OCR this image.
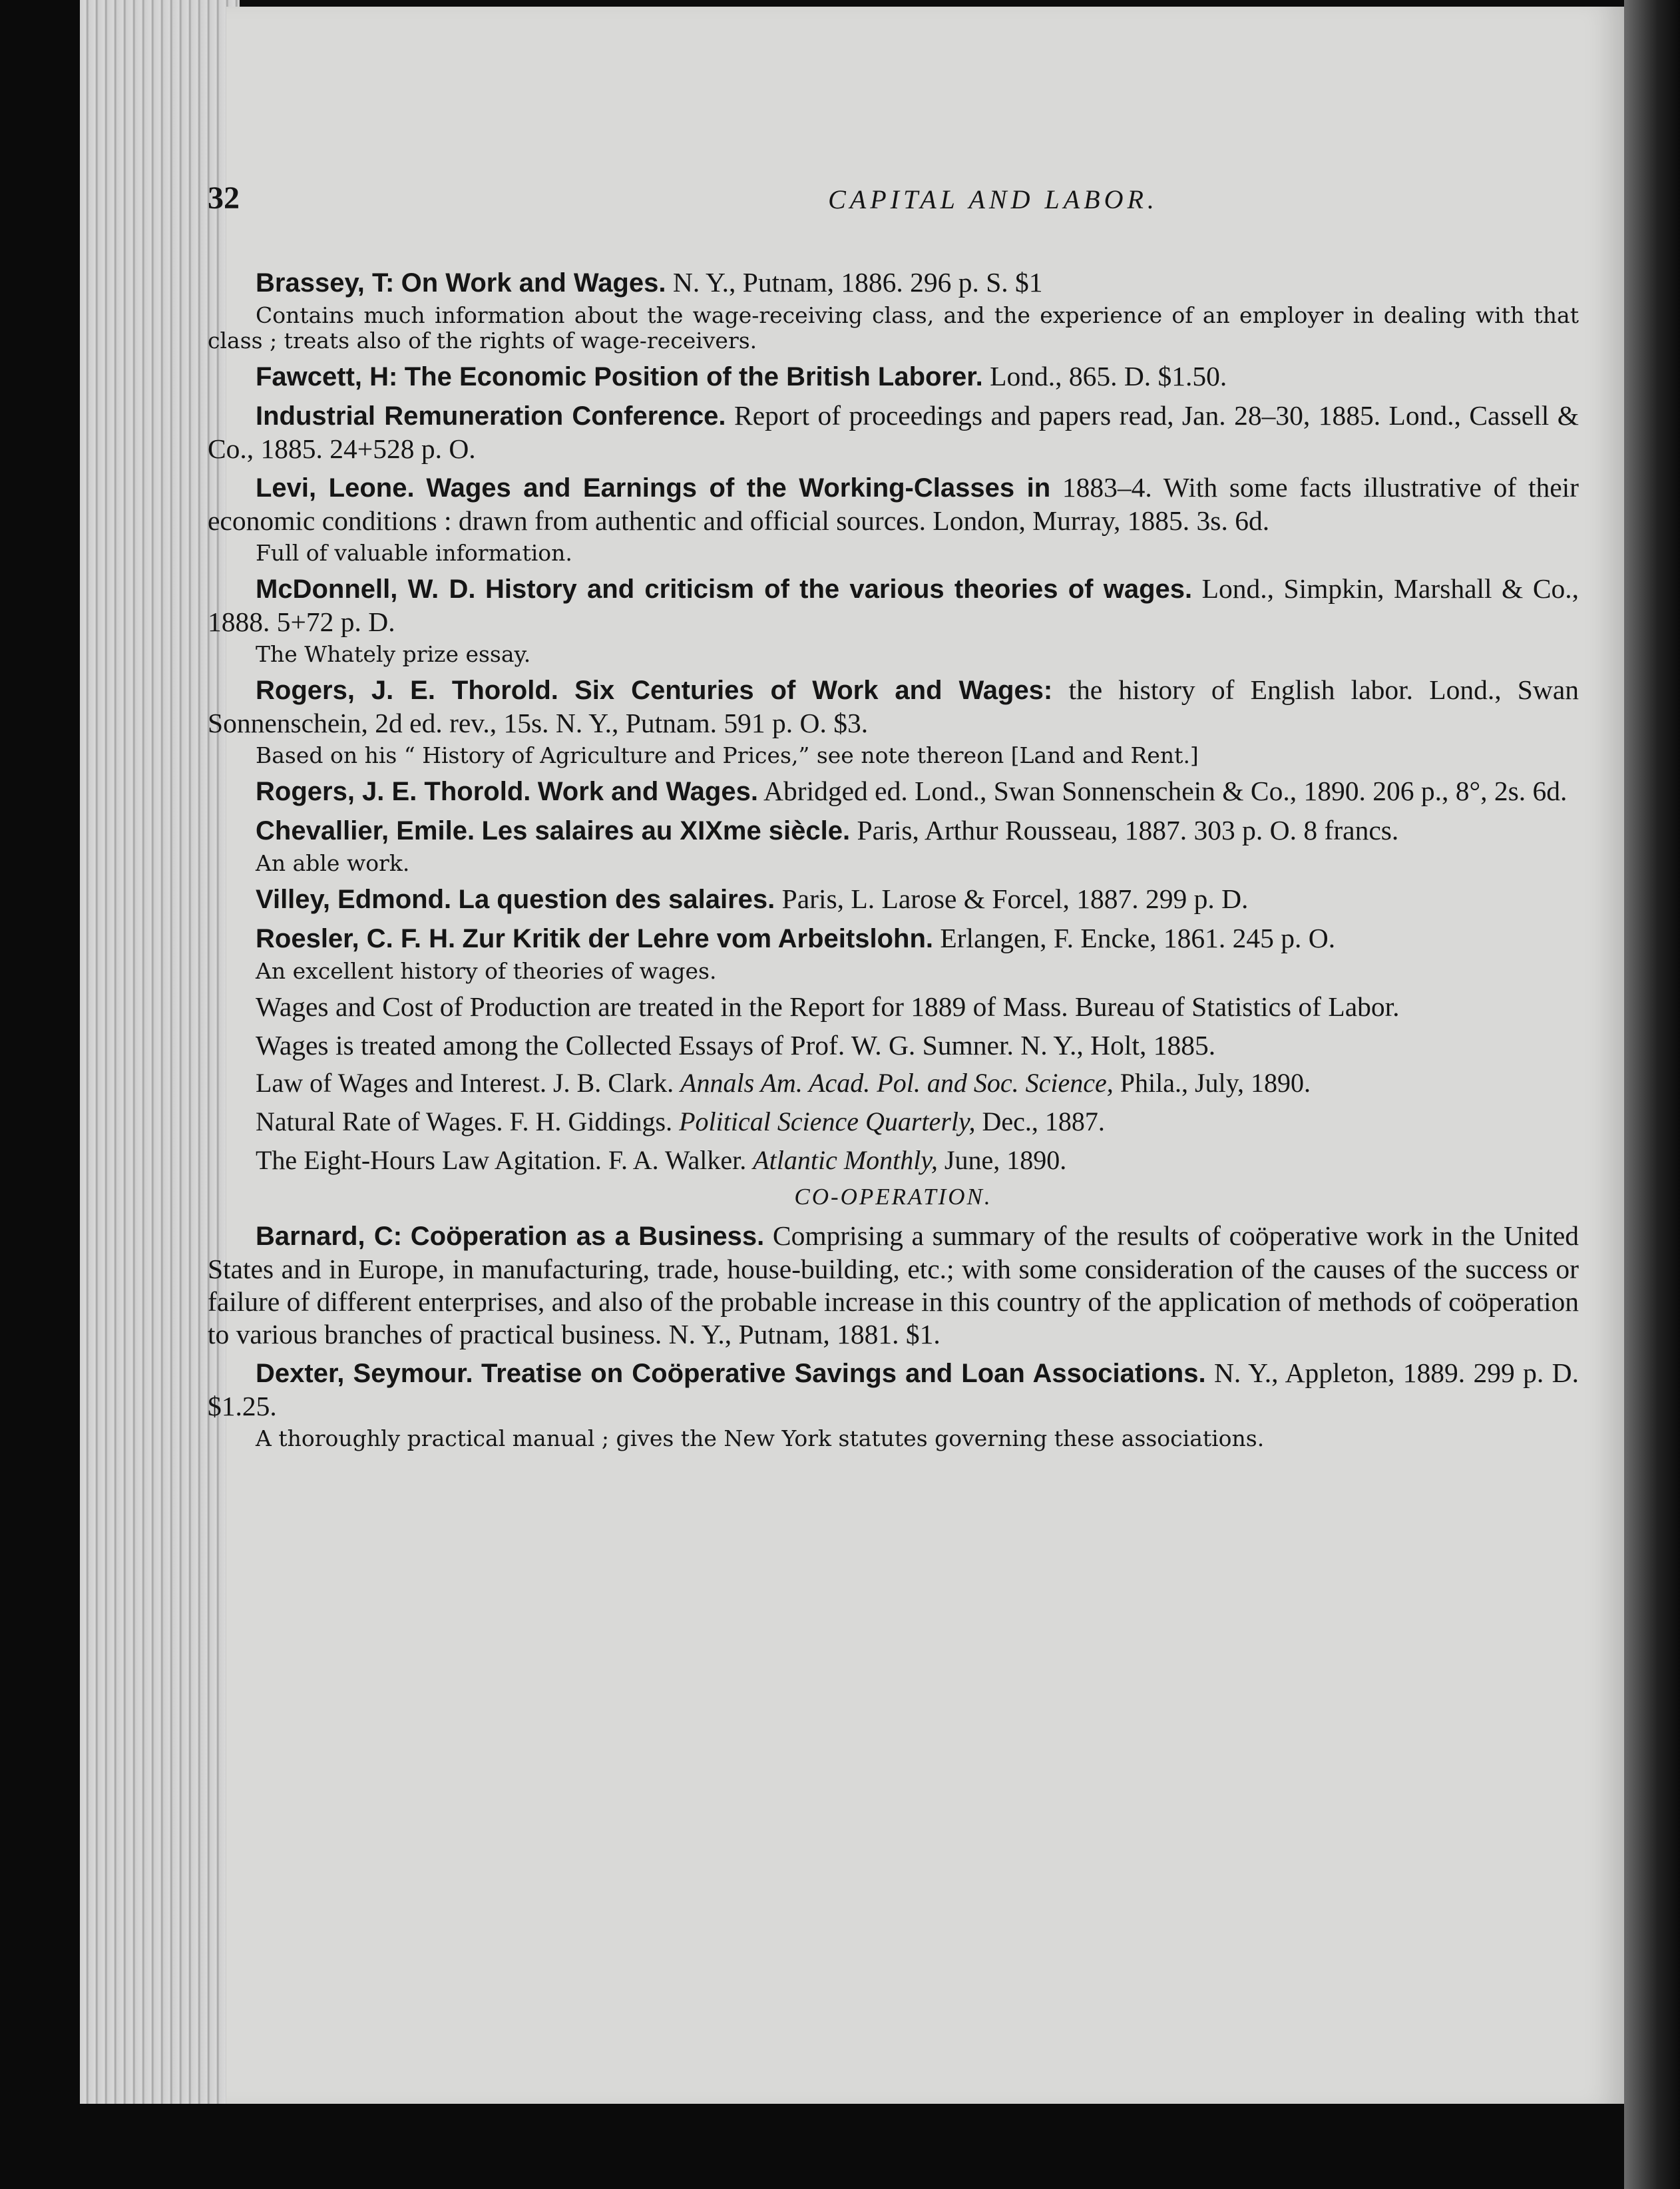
32	CAPITAL AND LABOR.

Brassey, T: On Work and Wages. N. Y., Putnam, 1886. 296 p. S. $1

Contains much information about the wage-receiving class, and the experience of an employer in dealing with that class ; treats also of the rights of wage-receivers.

Fawcett, H: The Economic Position of the British Laborer. Lond., 865. D. $1.50.

Industrial Remuneration Conference. Report of proceedings and papers read, Jan. 28–30, 1885. Lond., Cassell & Co., 1885. 24+528 p. O.

Levi, Leone. Wages and Earnings of the Working-Classes in 1883–4. With some facts illustrative of their economic conditions : drawn from authentic and official sources. London, Murray, 1885. 3s. 6d.

Full of valuable information.

McDonnell, W. D. History and criticism of the various theories of wages. Lond., Simpkin, Marshall & Co., 1888. 5+72 p. D.

The Whately prize essay.

Rogers, J. E. Thorold. Six Centuries of Work and Wages: the history of English labor. Lond., Swan Sonnenschein, 2d ed. rev., 15s. N. Y., Putnam. 591 p. O. $3.

Based on his “ History of Agriculture and Prices,” see note thereon [Land and Rent.]

Rogers, J. E. Thorold. Work and Wages. Abridged ed. Lond., Swan Sonnenschein & Co., 1890. 206 p., 8°, 2s. 6d.

Chevallier, Emile. Les salaires au XIXme siècle. Paris, Arthur Rousseau, 1887. 303 p. O. 8 francs.

An able work.

Villey, Edmond. La question des salaires. Paris, L. Larose & Forcel, 1887. 299 p. D.

Roesler, C. F. H. Zur Kritik der Lehre vom Arbeitslohn. Erlangen, F. Encke, 1861. 245 p. O.

An excellent history of theories of wages.

Wages and Cost of Production are treated in the Report for 1889 of Mass. Bureau of Statistics of Labor.

Wages is treated among the Collected Essays of Prof. W. G. Sumner. N. Y., Holt, 1885.

Law of Wages and Interest. J. B. Clark. Annals Am. Acad. Pol. and Soc. Science, Phila., July, 1890.

Natural Rate of Wages. F. H. Giddings. Political Science Quarterly, Dec., 1887.

The Eight-Hours Law Agitation. F. A. Walker. Atlantic Monthly, June, 1890.

CO-OPERATION.

Barnard, C: Coöperation as a Business. Comprising a summary of the results of coöperative work in the United States and in Europe, in manufacturing, trade, house-building, etc.; with some consideration of the causes of the success or failure of different enterprises, and also of the probable increase in this country of the application of methods of coöperation to various branches of practical business. N. Y., Putnam, 1881. $1.

Dexter, Seymour. Treatise on Coöperative Savings and Loan Associations. N. Y., Appleton, 1889. 299 p. D. $1.25.

A thoroughly practical manual ; gives the New York statutes governing these associations.
